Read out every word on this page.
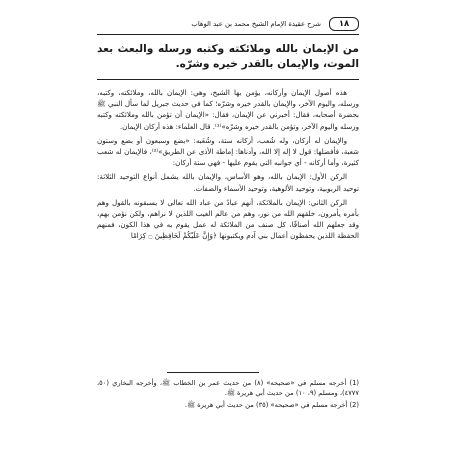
١٨
شرح عقيدة الإمام الشيخ محمد بن عبد الوهاب
من الإيمان بالله وملائكته وكتبه ورسله والبعث بعد الموت، والإيمان بالقدر خيره وشرّه.

هذه أصول الإيمان وأركانه، يؤمن بها الشيخ، وهي: الإيمان بالله، وملائكته، وكتبه، ورسله، واليوم الآخر، والإيمان بالقدر خيره وشرّه؛ كما في حديث جبريل لما سأل النبي ﷺ بحضرة أصحابه، فقال: أخبرني عن الإيمان، فقال: «الإيمان أن تؤمن بالله وملائكته وكتبه ورسله واليوم الآخر، وتؤمن بالقدر خيره وشرّه»⁽¹⁾. قال العلماء: هذه أركان الإيمان.

والإيمان له أركان، وله شُعب، أركانه ستة، وشُعَبه: «بضع وسبعون أو بضع وستون شعبة، فأفضلها: قول لا إله إلا الله، وأدناها: إماطة الأذى عن الطريق»⁽²⁾، فالإيمان له شعب كثيرة، وأما أركانه - أي جوانبه التي يقوم عليها - فهي ستة أركان:

الركن الأول: الإيمان بالله، وهو الأساس، والإيمان بالله يشمل أنواع التوحيد الثلاثة: توحيد الربوبية، وتوحيد الألوهية، وتوحيد الأسماء والصفات.

الركن الثاني: الإيمان بالملائكة، أنهم عبادٌ من عباد الله تعالى لا يسبقونه بالقول وهم بأمره يأمرون، خلقهم الله من نور، وهم من عالم الغيب اللذين لا نراهم، ولكن نؤمن بهم، وقد جعلهم الله أصنافًا، كل صنف من الملائكة له عمل يقوم به في هذا الكون، فمنهم الحفظة اللذين يحفظون أعمال بني آدم ويكتبونها ﴿وَإِنَّ عَلَيْكُمْ لَحَافِظِينَ ۝ كِرَامًا

(1) أخرجه مسلم في «صحيحه» (٨) من حديث عمر بن الخطاب ﷺ، وأخرجه البخاري (٥٠، ٤٧٧٧)، ومسلم (٩، ١٠) من حديث أبي هريرة ﷺ.

(2) أخرجه مسلم في «صحيحه» (٣٥) من حديث أبي هريرة ﷺ.
